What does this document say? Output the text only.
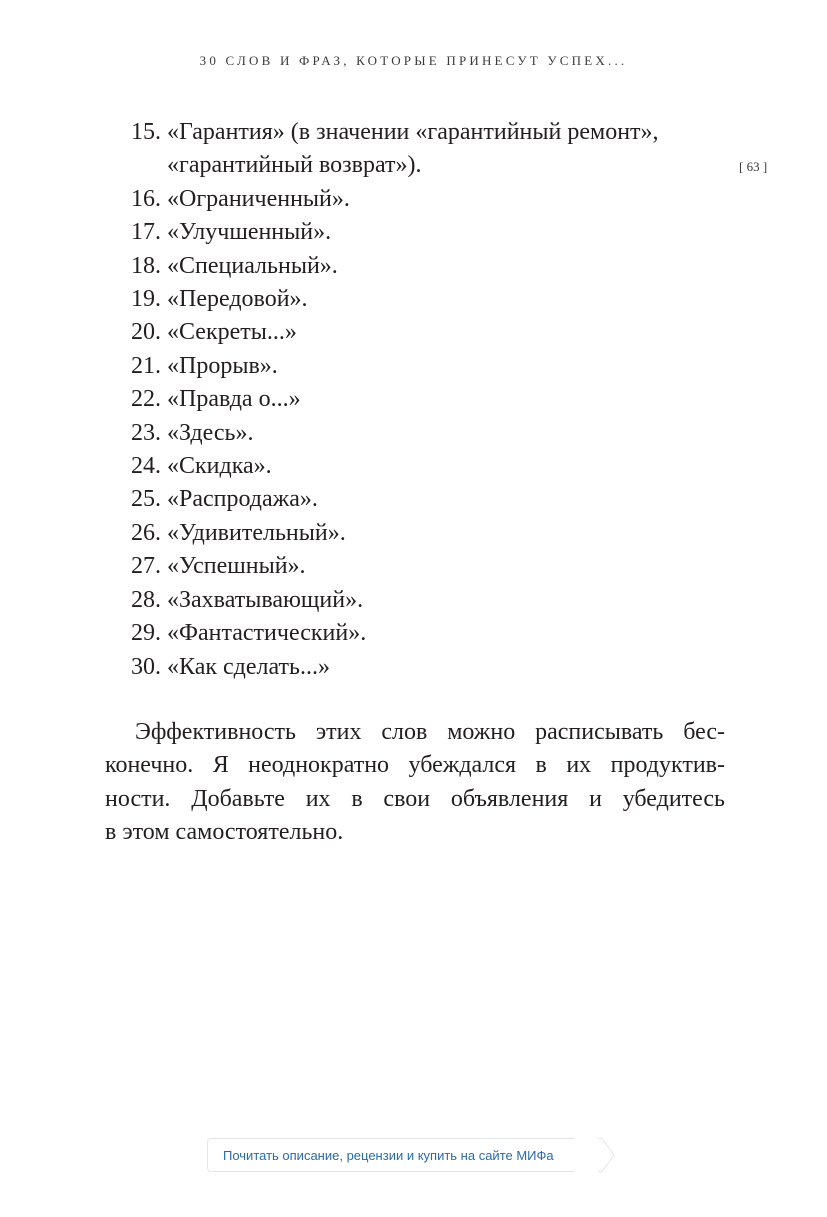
30 СЛОВ И ФРАЗ, КОТОРЫЕ ПРИНЕСУТ УСПЕХ...
[ 63 ]
15. «Гарантия» (в значении «гарантийный ремонт», «гарантийный возврат»).
16. «Ограниченный».
17. «Улучшенный».
18. «Специальный».
19. «Передовой».
20. «Секреты...»
21. «Прорыв».
22. «Правда о...»
23. «Здесь».
24. «Скидка».
25. «Распродажа».
26. «Удивительный».
27. «Успешный».
28. «Захватывающий».
29. «Фантастический».
30. «Как сделать...»

Эффективность этих слов можно расписывать бес-
конечно. Я неоднократно убеждался в их продуктив-
ности. Добавьте их в свои объявления и убедитесь
в этом самостоятельно.

Почитать описание, рецензии и купить на сайте МИФа
